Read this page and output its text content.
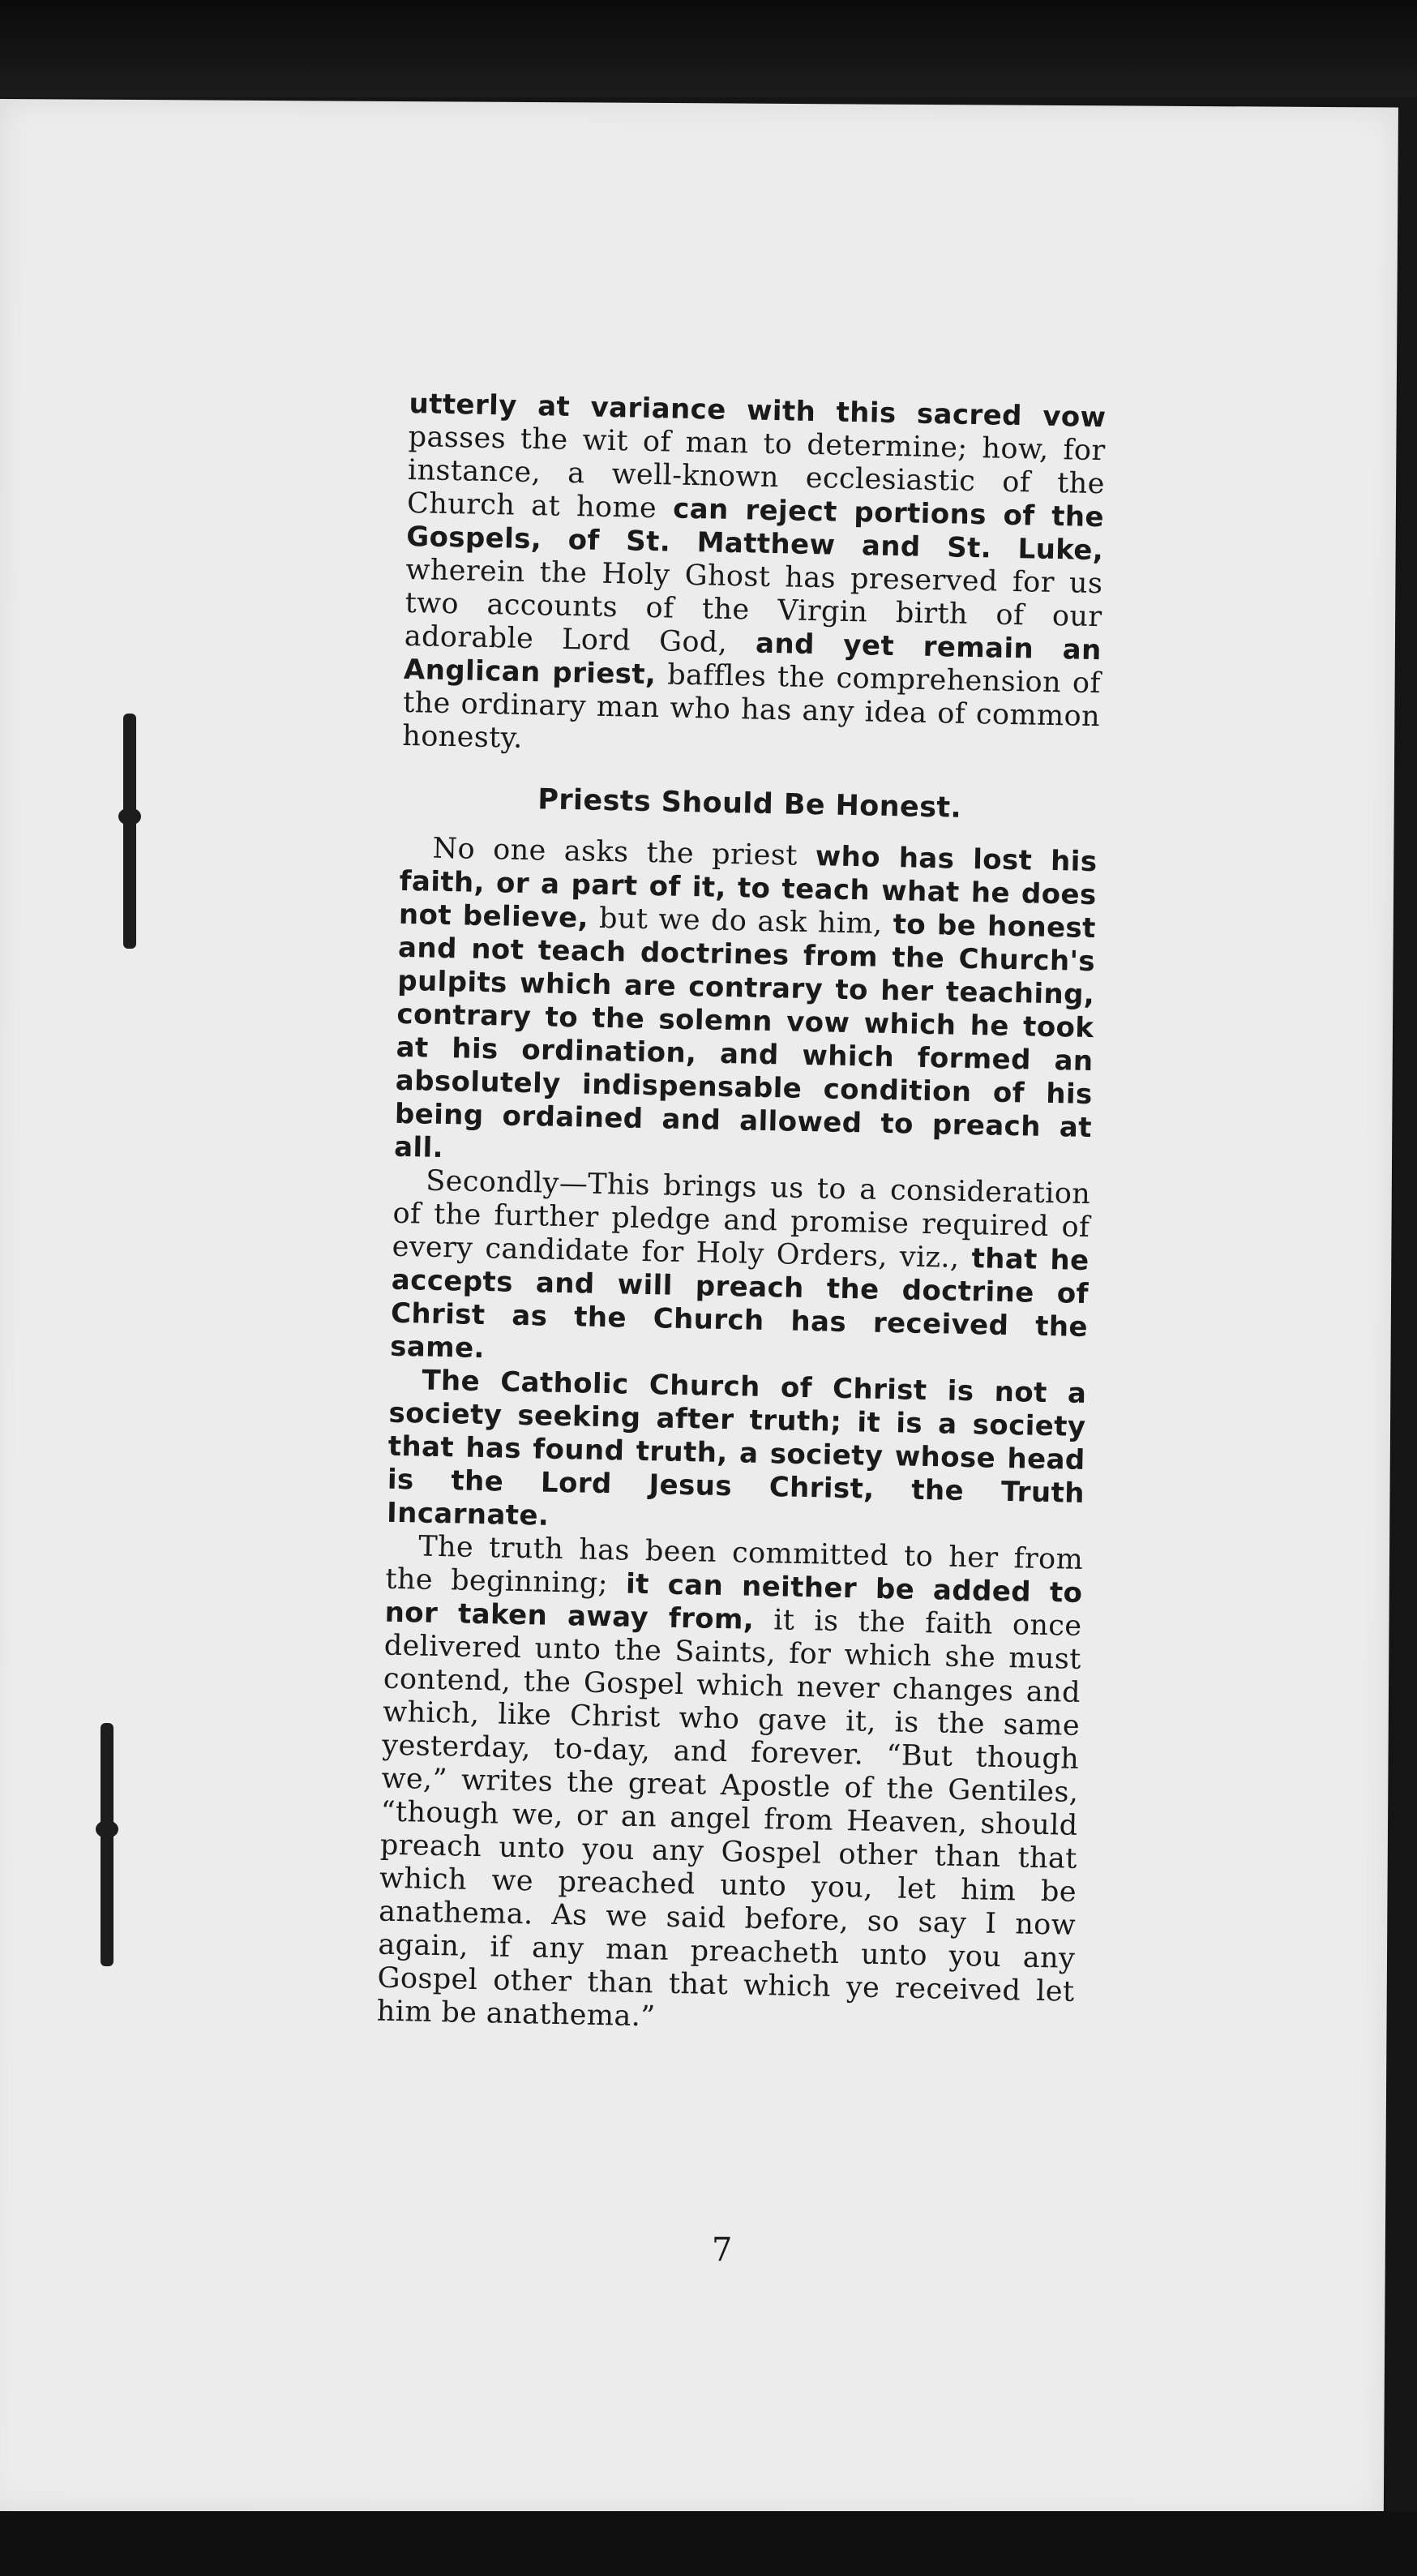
utterly at variance with this sacred vow passes the wit of man to determine; how, for instance, a well-known ecclesiastic of the Church at home can reject portions of the Gospels, of St. Matthew and St. Luke, wherein the Holy Ghost has preserved for us two accounts of the Virgin birth of our adorable Lord God, and yet remain an Anglican priest, baffles the comprehension of the ordinary man who has any idea of common honesty.

Priests Should Be Honest.

No one asks the priest who has lost his faith, or a part of it, to teach what he does not believe, but we do ask him, to be honest and not teach doctrines from the Church's pulpits which are contrary to her teaching, contrary to the solemn vow which he took at his ordination, and which formed an absolutely indispensable condition of his being ordained and allowed to preach at all.

Secondly—This brings us to a consideration of the further pledge and promise required of every candidate for Holy Orders, viz., that he accepts and will preach the doctrine of Christ as the Church has received the same.

The Catholic Church of Christ is not a society seeking after truth; it is a society that has found truth, a society whose head is the Lord Jesus Christ, the Truth Incarnate.

The truth has been committed to her from the beginning; it can neither be added to nor taken away from, it is the faith once delivered unto the Saints, for which she must contend, the Gospel which never changes and which, like Christ who gave it, is the same yesterday, to-day, and forever. “But though we,” writes the great Apostle of the Gentiles, “though we, or an angel from Heaven, should preach unto you any Gospel other than that which we preached unto you, let him be anathema. As we said before, so say I now again, if any man preacheth unto you any Gospel other than that which ye received let him be anathema.”

7
